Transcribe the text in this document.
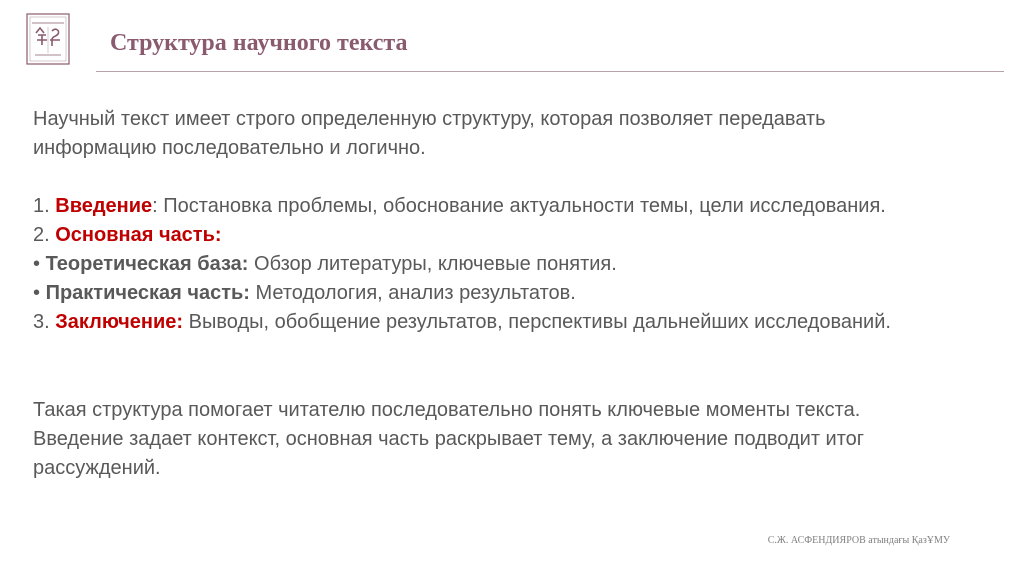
Структура научного текста

Научный текст имеет строго определенную структуру, которая позволяет передавать информацию последовательно и логично.

1. Введение: Постановка проблемы, обоснование актуальности темы, цели исследования.

2. Основная часть:

• Теоретическая база: Обзор литературы, ключевые понятия.

• Практическая часть: Методология, анализ результатов.

3. Заключение: Выводы, обобщение результатов, перспективы дальнейших исследований.

Такая структура помогает читателю последовательно понять ключевые моменты текста. Введение задает контекст, основная часть раскрывает тему, а заключение подводит итог рассуждений.

С.Ж. АСФЕНДИЯРОВ атындағы ҚазҰМУ
